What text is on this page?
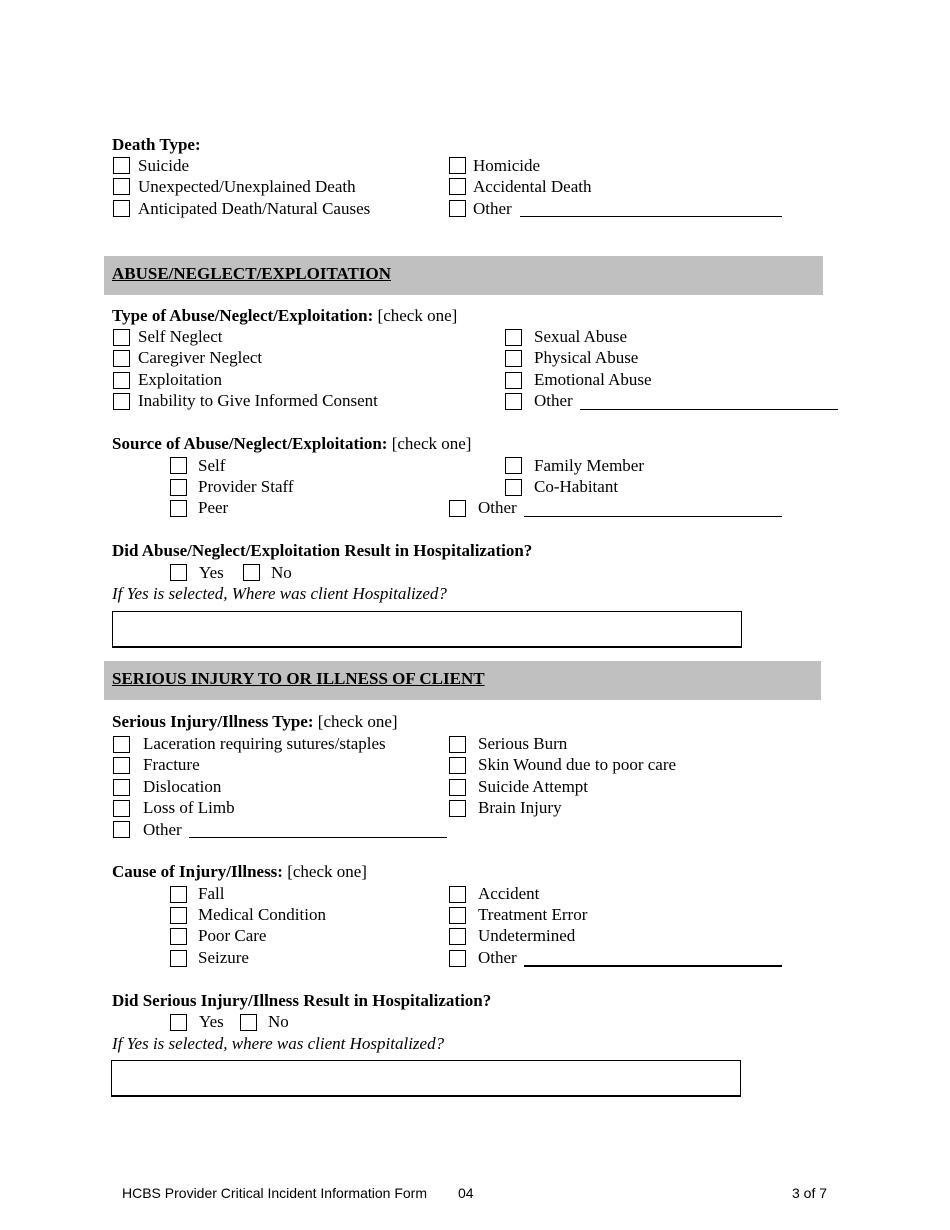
Death Type:
Suicide
Unexpected/Unexplained Death
Anticipated Death/Natural Causes
Homicide
Accidental Death
Other
ABUSE/NEGLECT/EXPLOITATION
Type of Abuse/Neglect/Exploitation: [check one]
Self Neglect
Caregiver Neglect
Exploitation
Inability to Give Informed Consent
Sexual Abuse
Physical Abuse
Emotional Abuse
Other
Source of Abuse/Neglect/Exploitation: [check one]
Self
Provider Staff
Peer
Family Member
Co-Habitant
Other
Did Abuse/Neglect/Exploitation Result in Hospitalization?
Yes	No
If Yes is selected, Where was client Hospitalized?
SERIOUS INJURY TO OR ILLNESS OF CLIENT
Serious Injury/Illness Type: [check one]
Laceration requiring sutures/staples
Fracture
Dislocation
Loss of Limb
Other
Serious Burn
Skin Wound due to poor care
Suicide Attempt
Brain Injury
Cause of Injury/Illness: [check one]
Fall
Medical Condition
Poor Care
Seizure
Accident
Treatment Error
Undetermined
Other
Did Serious Injury/Illness Result in Hospitalization?
Yes	No
If Yes is selected, where was client Hospitalized?
HCBS Provider Critical Incident Information Form 04	3 of 7
